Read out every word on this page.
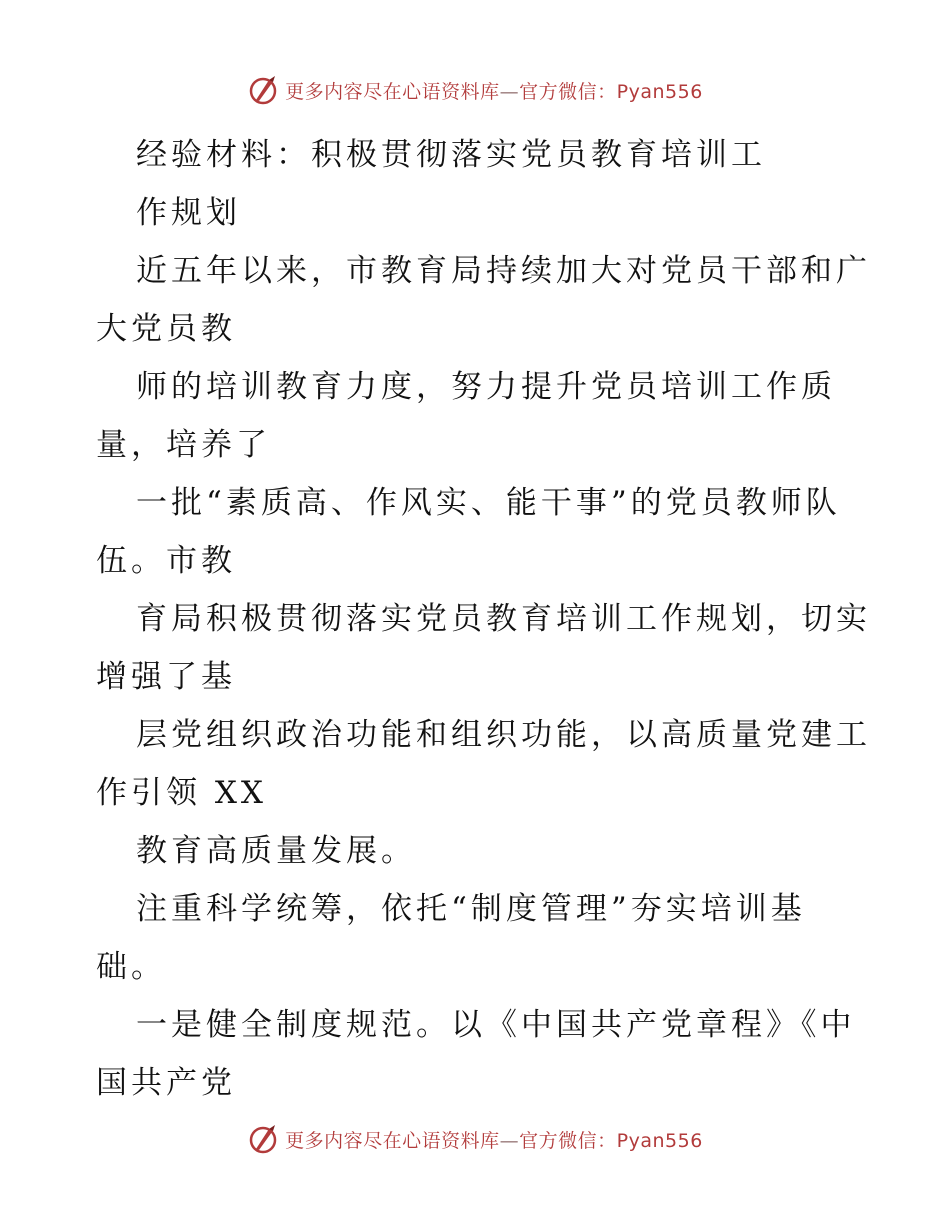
更多内容尽在心语资料库—官方微信：Pyan556
经验材料：积极贯彻落实党员教育培训工
作规划
近五年以来，市教育局持续加大对党员干部和广
大党员教
师的培训教育力度，努力提升党员培训工作质
量，培养了
一批“素质高、作风实、能干事”的党员教师队
伍。市教
育局积极贯彻落实党员教育培训工作规划，切实
增强了基
层党组织政治功能和组织功能，以高质量党建工
作引领 XX
教育高质量发展。
注重科学统筹，依托“制度管理”夯实培训基
础。
一是健全制度规范。以《中国共产党章程》《中
国共产党
更多内容尽在心语资料库—官方微信：Pyan556
